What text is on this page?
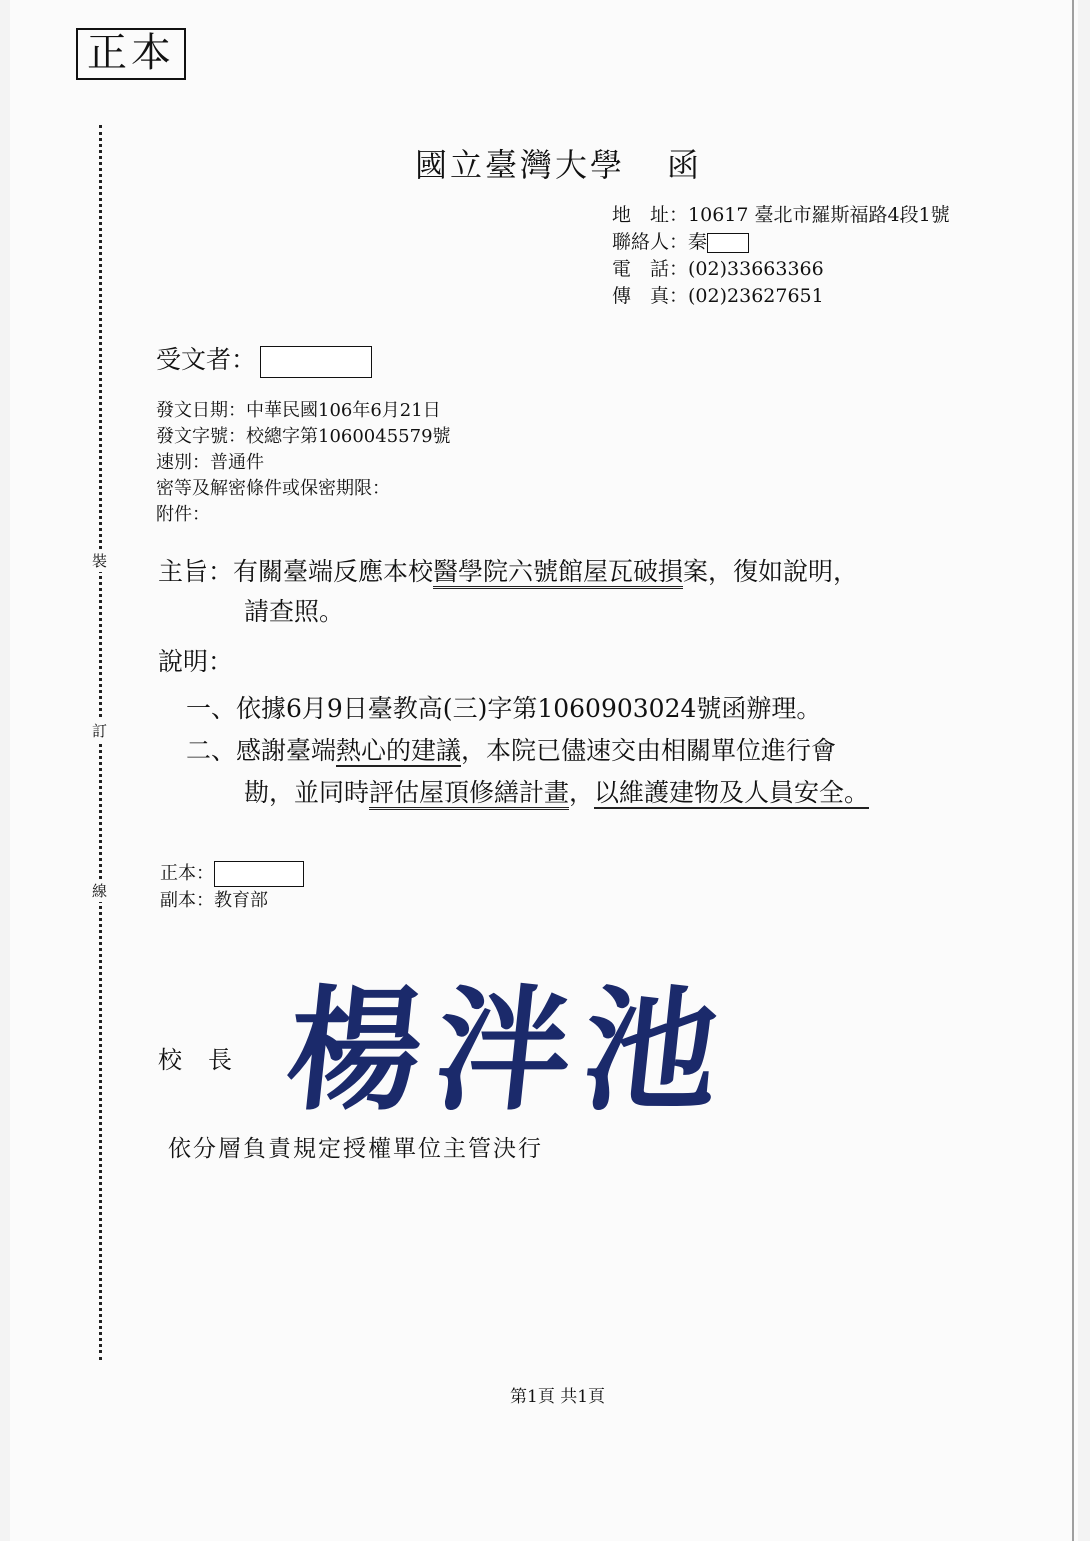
正本
裝
訂
線
國立臺灣大學 函
地　址：10617 臺北市羅斯福路4段1號
聯絡人：秦
電　話：(02)33663366
傳　真：(02)23627651
受文者：
發文日期：中華民國106年6月21日
發文字號：校總字第1060045579號
速別：普通件
密等及解密條件或保密期限：
附件：
主旨：有關臺端反應本校醫學院六號館屋瓦破損案，復如說明，
請查照。
說明：
一、依據6月9日臺教高(三)字第1060903024號函辦理。
二、感謝臺端熱心的建議，本院已儘速交由相關單位進行會
勘，並同時評估屋頂修繕計畫，以維護建物及人員安全。
正本：
副本：教育部
校長 楊泮池
依分層負責規定授權單位主管決行
第1頁 共1頁
